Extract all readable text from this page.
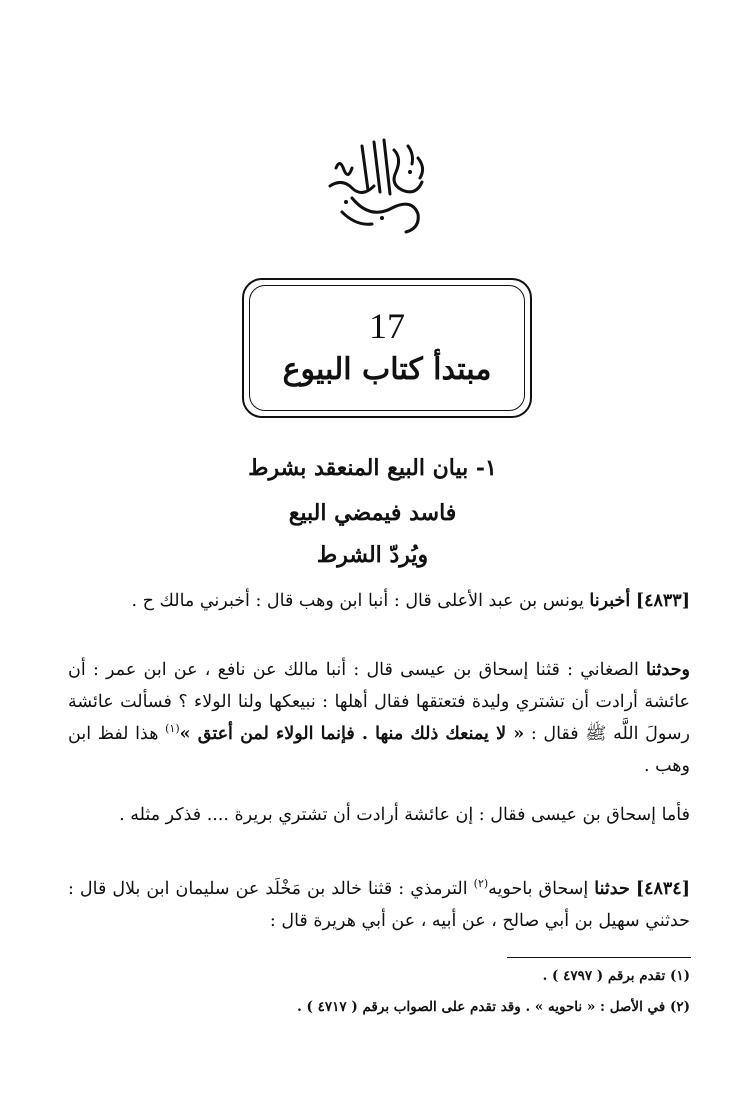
17
مبتدأ كتاب البيوع
١- بيان البيع المنعقد بشرط
فاسد فيمضي البيع
ويُردّ الشرط
[٤٨٣٣] أخبرنا يونس بن عبد الأعلى قال : أنبا ابن وهب قال : أخبرني مالك ح .
وحدثنا الصغاني : قثنا إسحاق بن عيسى قال : أنبا مالك عن نافع ، عن ابن عمر : أن عائشة أرادت أن تشتري وليدة فتعتقها فقال أهلها : نبيعكها ولنا الولاء ؟ فسألت عائشة رسولَ اللَّه ﷺ فقال : « لا يمنعك ذلك منها . فإنما الولاء لمن أعتق »$^{(١)}$ هذا لفظ ابن وهب .
فأما إسحاق بن عيسى فقال : إن عائشة أرادت أن تشتري بريرة .... فذكر مثله .
[٤٨٣٤] حدثنا إسحاق باحويه$^{(٢)}$ الترمذي : قثنا خالد بن مَخْلَد عن سليمان ابن بلال قال : حدثني سهيل بن أبي صالح ، عن أبيه ، عن أبي هريرة قال :
(١) تقدم برقم ( ٤٧٩٧ ) .
(٢) في الأصل : « ناحويه » . وقد تقدم على الصواب برقم ( ٤٧١٧ ) .
